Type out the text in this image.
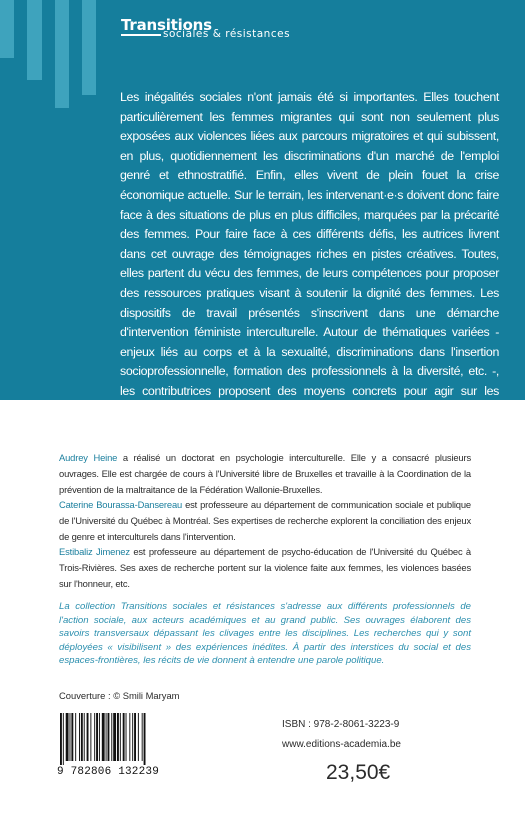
Transitions
sociales & résistances

Les inégalités sociales n'ont jamais été si importantes. Elles touchent particulièrement les femmes migrantes qui sont non seulement plus exposées aux violences liées aux parcours migratoires et qui subissent, en plus, quotidiennement les discriminations d'un marché de l'emploi genré et ethnostratifié. Enfin, elles vivent de plein fouet la crise économique actuelle. Sur le terrain, les intervenant·e·s doivent donc faire face à des situations de plus en plus difficiles, marquées par la précarité des femmes. Pour faire face à ces différents défis, les autrices livrent dans cet ouvrage des témoignages riches en pistes créatives. Toutes, elles partent du vécu des femmes, de leurs compétences pour proposer des ressources pratiques visant à soutenir la dignité des femmes. Les dispositifs de travail présentés s'inscrivent dans une démarche d'intervention féministe interculturelle. Autour de thématiques variées - enjeux liés au corps et à la sexualité, discriminations dans l'insertion socioprofessionnelle, formation des professionnels à la diversité, etc. -, les contributrices proposent des moyens concrets pour agir sur les rapports sociaux liés au genre et à la diversité des femmes dans les pratiques professionnelles.

Audrey Heine a réalisé un doctorat en psychologie interculturelle. Elle y a consacré plusieurs ouvrages. Elle est chargée de cours à l'Université libre de Bruxelles et travaille à la Coordination de la prévention de la maltraitance de la Fédération Wallonie-Bruxelles.

Caterine Bourassa-Dansereau est professeure au département de communication sociale et publique de l'Université du Québec à Montréal. Ses expertises de recherche explorent la conciliation des enjeux de genre et interculturels dans l'intervention.

Estibaliz Jimenez est professeure au département de psycho-éducation de l'Université du Québec à Trois-Rivières. Ses axes de recherche portent sur la violence faite aux femmes, les violences basées sur l'honneur, etc.

La collection Transitions sociales et résistances s'adresse aux différents professionnels de l'action sociale, aux acteurs académiques et au grand public. Ses ouvrages élaborent des savoirs transversaux dépassant les clivages entre les disciplines. Les recherches qui y sont déployées « visibilisent » des expériences inédites. À partir des interstices du social et des espaces-frontières, les récits de vie donnent à entendre une parole politique.

Couverture : © Smili Maryam

9 782806 132239

ISBN : 978-2-8061-3223-9

www.editions-academia.be

23,50€
